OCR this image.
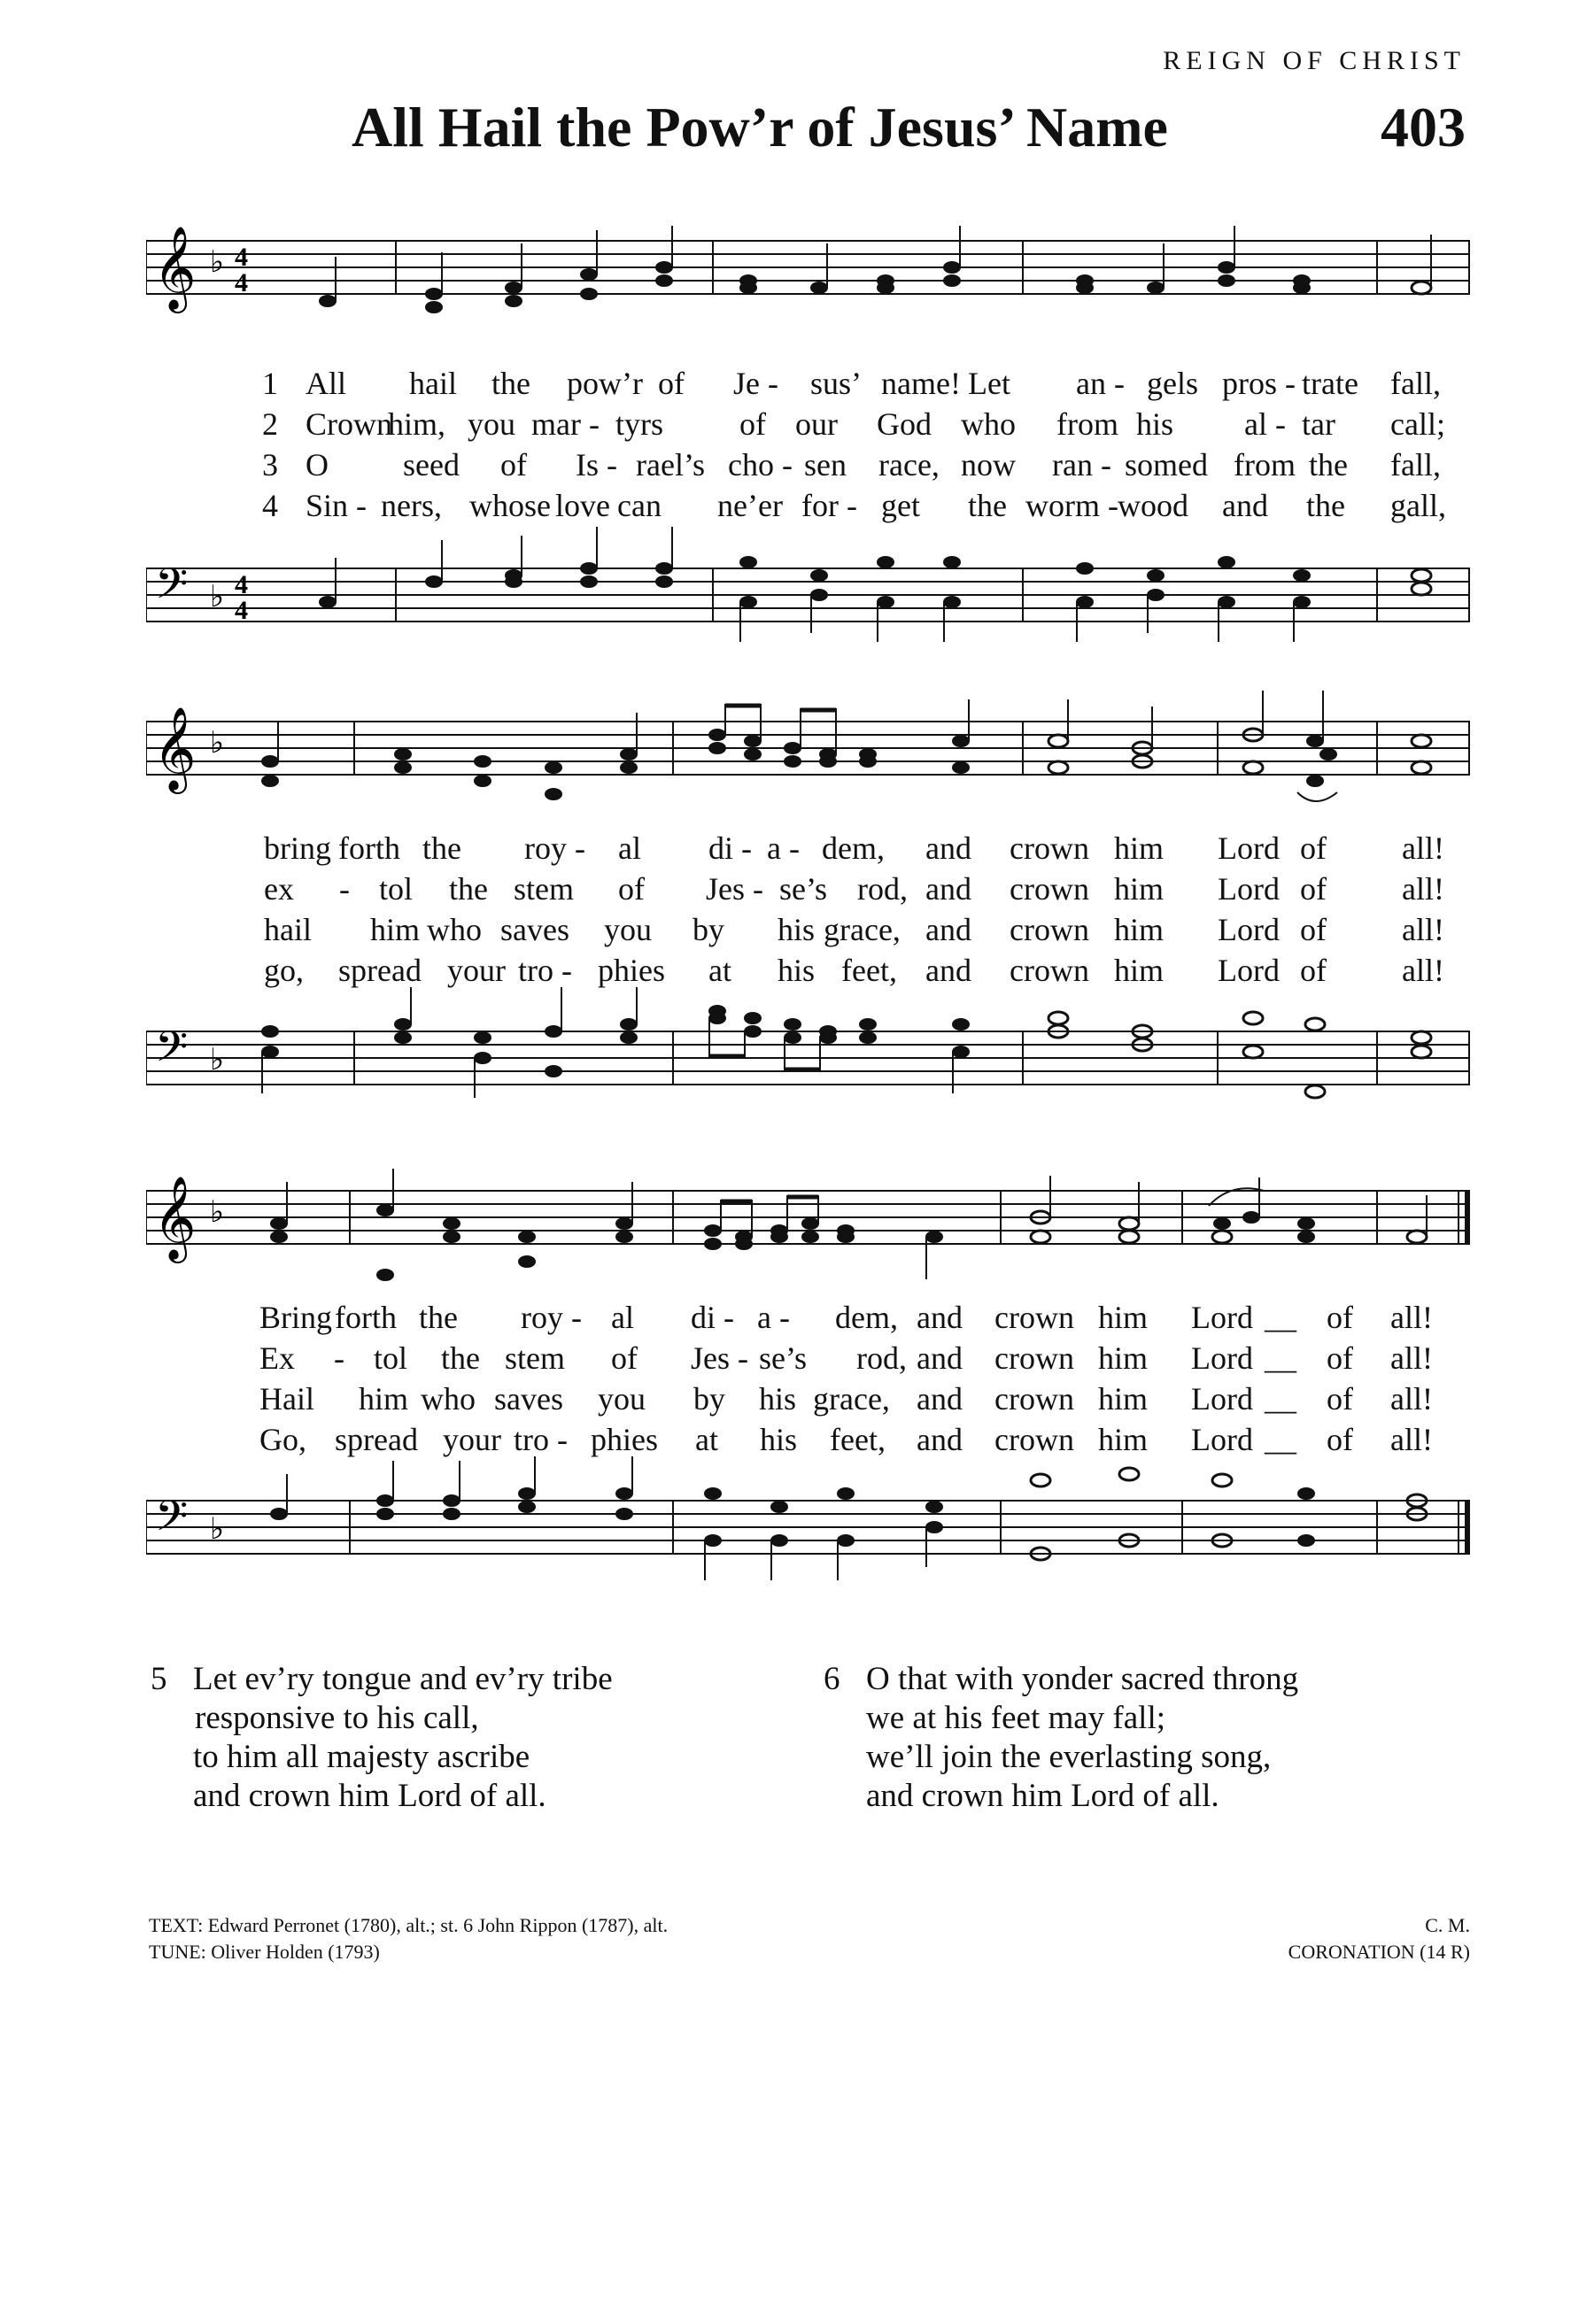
REIGN OF CHRIST

All Hail the Pow’r of Jesus’ Name	403

𝄞
𝄢
♭
♭
4
4
4
4
𝄞
𝄢
♭
♭
𝄞
𝄢
♭
♭
1 All hail the pow’r of Je - sus’ name! Let an - gels pros - trate fall,
2 Crown
him, you mar - tyrs of our God who from his al - tar call;
3 O seed of Is - rael’s cho - sen race, now ran - somed from the fall,
4 Sin - ners, whose love can ne’er for - get the worm - wood and the gall,
bring forth the roy - al di - a - dem, and crown him Lord of all!
ex - tol the stem of Jes - se’s rod, and crown him Lord of all!
hail him who saves you by his grace, and crown him Lord of all!
go, spread your tro - phies at his feet, and crown him Lord of all!
Bring forth the roy - al di - a - dem, and crown him Lord __ of all!
Ex - tol the stem of Jes - se’s rod, and crown him Lord __ of all!
Hail him who saves you by his grace, and crown him Lord __ of all!
Go, spread your tro - phies at his feet, and crown him Lord __ of all!
5 Let ev’ry tongue and ev’ry tribe
responsive to his call,
to him all majesty ascribe
and crown him Lord of all.
6 O that with yonder sacred throng
we at his feet may fall;
we’ll join the everlasting song,
and crown him Lord of all.
TEXT: Edward Perronet (1780), alt.; st. 6 John Rippon (1787), alt.
TUNE: Oliver Holden (1793)
C. M.
CORONATION (14 R)
